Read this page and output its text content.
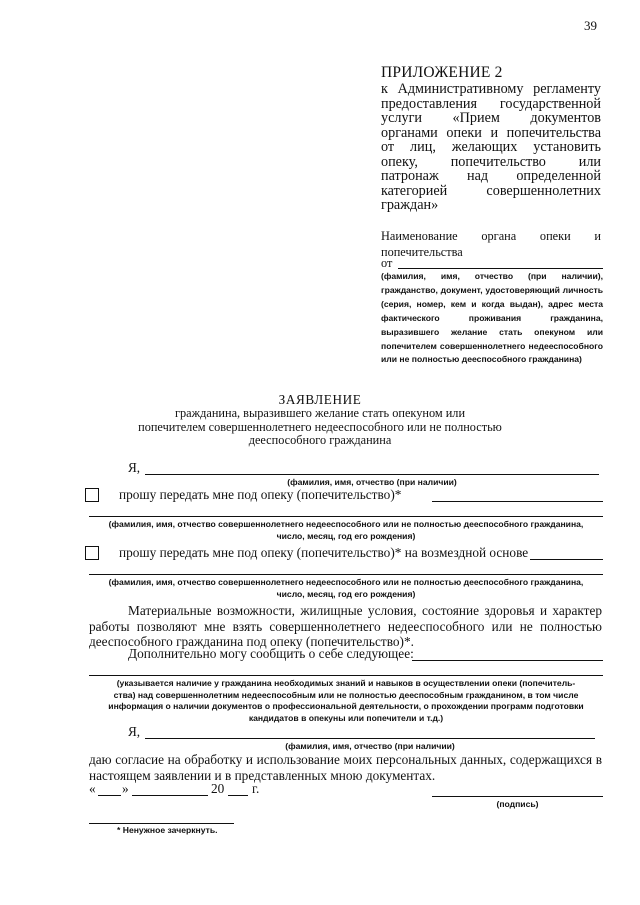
39
ПРИЛОЖЕНИЕ 2
к Административному регламенту предоставления государственной услуги «Прием документов органами опеки и попечительства от лиц, желающих установить опеку, попечительство или патронаж над определенной категорией совершеннолетних граждан»
Наименование органа опеки и попечительства
от
(фамилия, имя, отчество (при наличии), гражданство, документ, удостоверяющий личность (серия, номер, кем и когда выдан), адрес места фактического проживания гражданина, выразившего желание стать опекуном или попечителем совершеннолетнего недееспособного или не полностью дееспособного гражданина)
ЗАЯВЛЕНИЕ
гражданина, выразившего желание стать опекуном или
попечителем совершеннолетнего недееспособного или не полностью
дееспособного гражданина
Я,
(фамилия, имя, отчество (при наличии)
прошу передать мне под опеку (попечительство)*
(фамилия, имя, отчество совершеннолетнего недееспособного или не полностью дееспособного гражданина,
число, месяц, год его рождения)
прошу передать мне под опеку (попечительство)* на возмездной основе
(фамилия, имя, отчество совершеннолетнего недееспособного или не полностью дееспособного гражданина,
число, месяц, год его рождения)
Материальные возможности, жилищные условия, состояние здоровья и характер работы позволяют мне взять совершеннолетнего недееспособного или не полностью дееспособного гражданина под опеку (попечительство)*.
Дополнительно могу сообщить о себе следующее:
(указывается наличие у гражданина необходимых знаний и навыков в осуществлении опеки (попечитель-
ства) над совершеннолетним недееспособным или не полностью дееспособным гражданином, в том числе
информация о наличии документов о профессиональной деятельности, о прохождении программ подготовки
кандидатов в опекуны или попечители и т.д.)
Я,
(фамилия, имя, отчество (при наличии)
даю согласие на обработку и использование моих персональных данных, содержащихся в настоящем заявлении и в представленных мною документах.
« »	20 г.
(подпись)
* Ненужное зачеркнуть.
